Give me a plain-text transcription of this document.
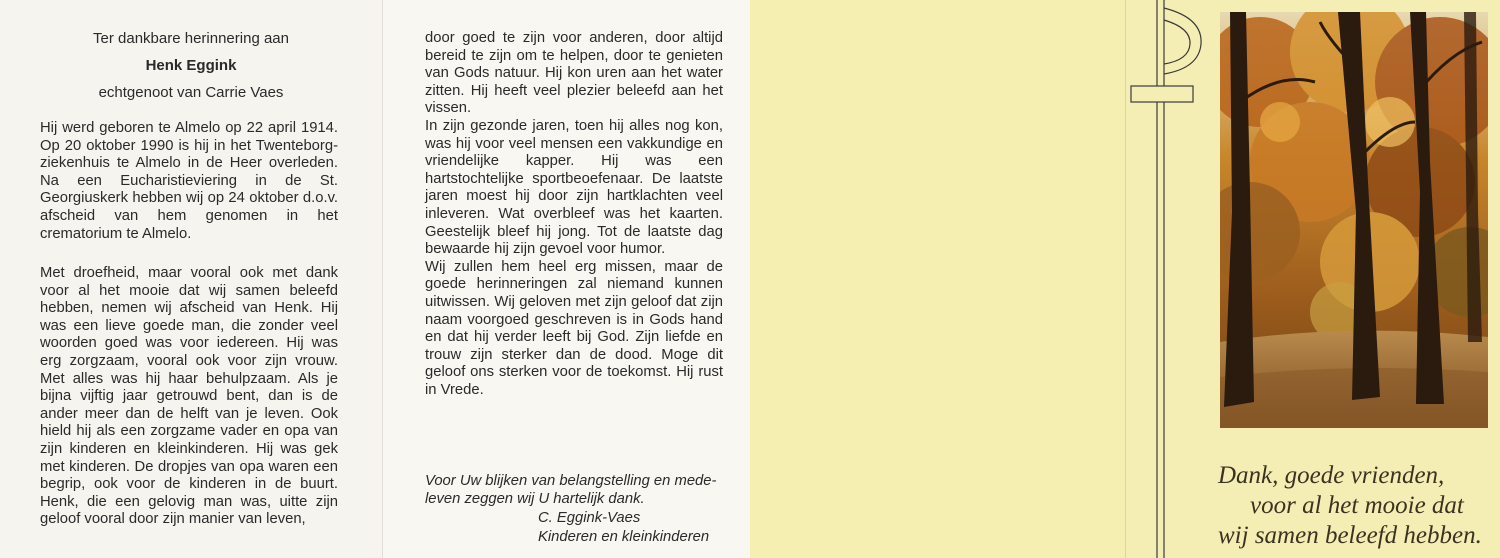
Ter dankbare herinnering aan
Henk Eggink
echtgenoot van Carrie Vaes

Hij werd geboren te Almelo op 22 april 1914. Op 20 oktober 1990 is hij in het Twenteborg-ziekenhuis te Almelo in de Heer overleden. Na een Eucharistieviering in de St. Georgiuskerk hebben wij op 24 oktober d.o.v. afscheid van hem genomen in het crematorium te Almelo.

Met droefheid, maar vooral ook met dank voor al het mooie dat wij samen beleefd hebben, nemen wij afscheid van Henk. Hij was een lieve goede man, die zonder veel woorden goed was voor iedereen. Hij was erg zorgzaam, vooral ook voor zijn vrouw. Met alles was hij haar behulpzaam. Als je bijna vijftig jaar getrouwd bent, dan is de ander meer dan de helft van je leven. Ook hield hij als een zorgzame vader en opa van zijn kinderen en kleinkinderen. Hij was gek met kinderen. De dropjes van opa waren een begrip, ook voor de kinderen in de buurt. Henk, die een gelovig man was, uitte zijn geloof vooral door zijn manier van leven,

door goed te zijn voor anderen, door altijd bereid te zijn om te helpen, door te genieten van Gods natuur. Hij kon uren aan het water zitten. Hij heeft veel plezier beleefd aan het vissen.

In zijn gezonde jaren, toen hij alles nog kon, was hij voor veel mensen een vakkundige en vriendelijke kapper. Hij was een hartstochtelijke sportbeoefenaar. De laatste jaren moest hij door zijn hartklachten veel inleveren. Wat overbleef was het kaarten. Geestelijk bleef hij jong. Tot de laatste dag bewaarde hij zijn gevoel voor humor.

Wij zullen hem heel erg missen, maar de goede herinneringen zal niemand kunnen uitwissen. Wij geloven met zijn geloof dat zijn naam voorgoed geschreven is in Gods hand en dat hij verder leeft bij God. Zijn liefde en trouw zijn sterker dan de dood. Moge dit geloof ons sterken voor de toekomst. Hij rust in Vrede.

Voor Uw blijken van belangstelling en mede-

leven zeggen wij U hartelijk dank.

C. Eggink-Vaes

Kinderen en kleinkinderen

Dank, goede vrienden,

voor al het mooie dat

wij samen beleefd hebben.
